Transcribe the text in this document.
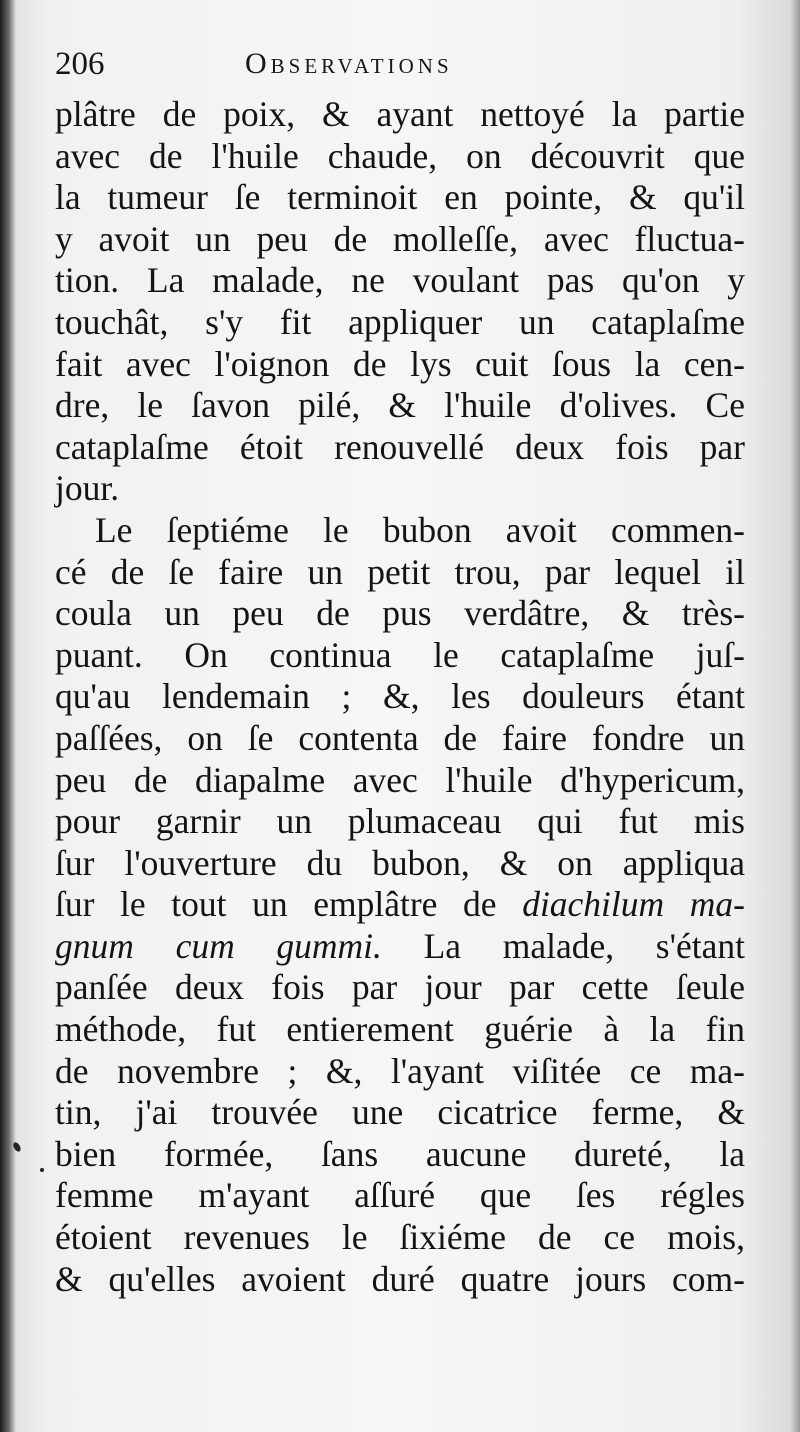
206	Observations
plâtre de poix, & ayant nettoyé la partie
avec de l'huile chaude, on découvrit que
la tumeur ſe terminoit en pointe, & qu'il
y avoit un peu de molleſſe, avec fluctua-
tion. La malade, ne voulant pas qu'on y
touchât, s'y fit appliquer un cataplaſme
fait avec l'oignon de lys cuit ſous la cen-
dre, le ſavon pilé, & l'huile d'olives. Ce
cataplaſme étoit renouvellé deux fois par
jour.
Le ſeptiéme le bubon avoit commen-
cé de ſe faire un petit trou, par lequel il
coula un peu de pus verdâtre, & très-
puant. On continua le cataplaſme juſ-
qu'au lendemain ; &, les douleurs étant
paſſées, on ſe contenta de faire fondre un
peu de diapalme avec l'huile d'hypericum,
pour garnir un plumaceau qui fut mis
ſur l'ouverture du bubon, & on appliqua
ſur le tout un emplâtre de diachilum ma-
gnum cum gummi. La malade, s'étant
panſée deux fois par jour par cette ſeule
méthode, fut entierement guérie à la fin
de novembre ; &, l'ayant viſitée ce ma-
tin, j'ai trouvée une cicatrice ferme, &
bien formée, ſans aucune dureté, la
femme m'ayant aſſuré que ſes régles
étoient revenues le ſixiéme de ce mois,
& qu'elles avoient duré quatre jours com-
